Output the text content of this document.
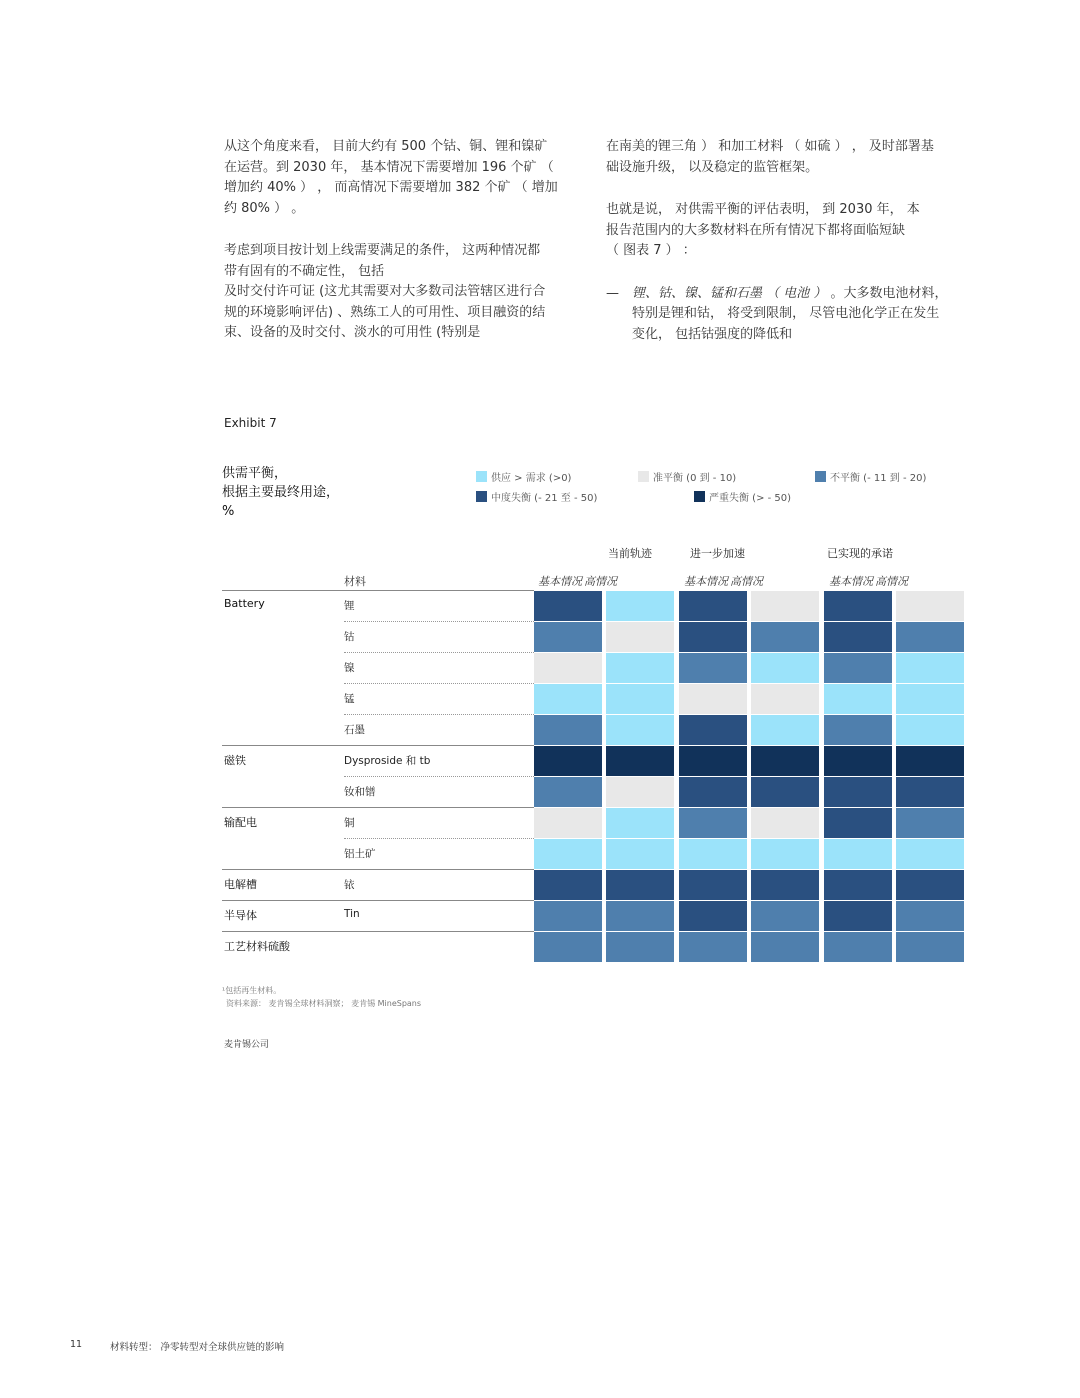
从这个角度来看， 目前大约有 500 个钴、铜、锂和镍矿
在运营。到 2030 年， 基本情况下需要增加 196 个矿 （
增加约 40% ） ， 而高情况下需要增加 382 个矿 （ 增加
约 80% ） 。

考虑到项目按计划上线需要满足的条件， 这两种情况都
带有固有的不确定性， 包括
及时交付许可证 (这尤其需要对大多数司法管辖区进行合
规的环境影响评估) 、熟练工人的可用性、项目融资的结
束、设备的及时交付、淡水的可用性 (特别是

在南美的锂三角 ） 和加工材料 （ 如硫 ） ， 及时部署基
础设施升级， 以及稳定的监管框架。

也就是说， 对供需平衡的评估表明， 到 2030 年， 本
报告范围内的大多数材料在所有情况下都将面临短缺
（ 图表 7 ） ：

— 锂、钴、镍、锰和石墨 （ 电池 ） 。大多数电池材料，
特别是锂和钴， 将受到限制， 尽管电池化学正在发生
变化， 包括钴强度的降低和
Exhibit 7
供需平衡，
根据主要最终用途，
%
供应 > 需求 (>0)	准平衡 (0 到 - 10)	不平衡 (- 11 到 - 20)
中度失衡 (- 21 至 - 50)	严重失衡 (> - 50)
当前轨迹	进一步加速	已实现的承诺
基本情况 高情况	基本情况 高情况	基本情况 高情况
材料
Battery	锂
钴
镍
锰
石墨
磁铁	Dysproside 和 tb
钕和镨
输配电	铜
铝土矿
电解槽	铱
半导体	Tin
工艺材料硫酸
¹包括再生材料。
资料来源： 麦肯锡全球材料洞察； 麦肯锡 MineSpans
麦肯锡公司
11	材料转型： 净零转型对全球供应链的影响
